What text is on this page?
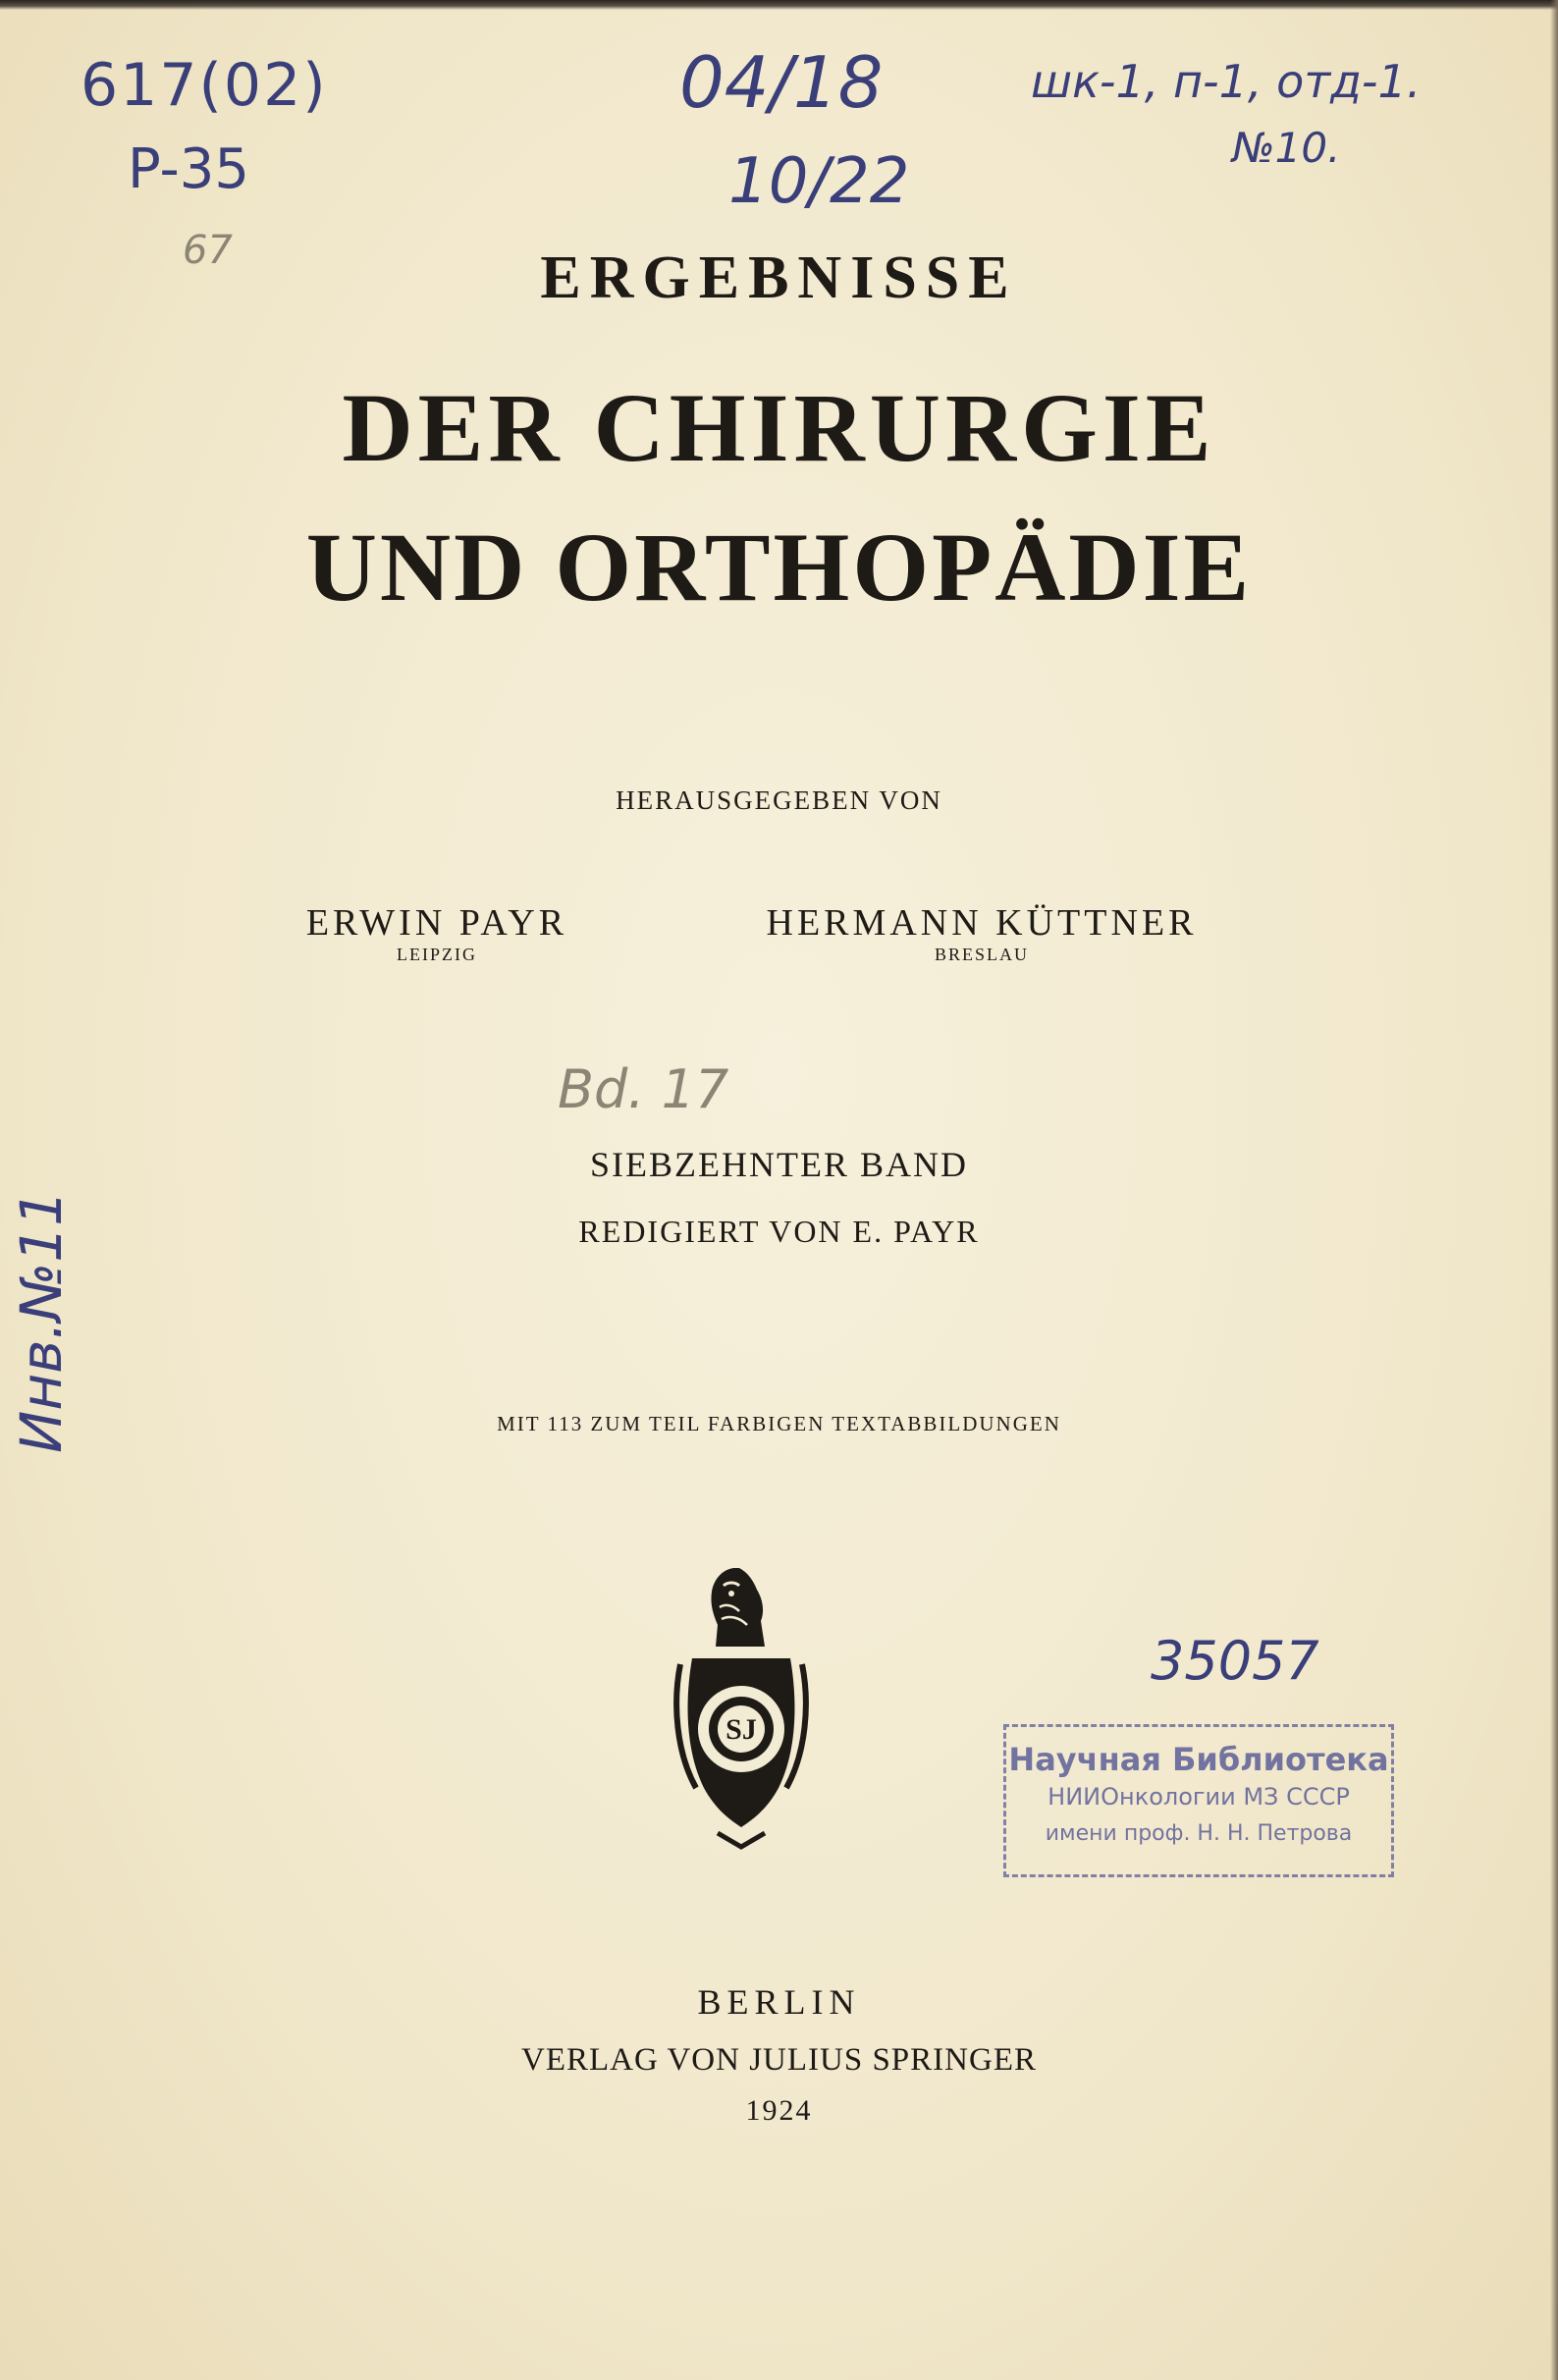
617(02)
P-35
67
04/18
10/22
шк-1, п-1, отд-1.
№10.
Bd. 17
35057
Инв.№11
ERGEBNISSE
DER CHIRURGIE
UND ORTHOPÄDIE
HERAUSGEGEBEN VON
ERWIN PAYR
LEIPZIG
HERMANN KÜTTNER
BRESLAU
SIEBZEHNTER BAND
REDIGIERT VON E. PAYR
MIT 113 ZUM TEIL FARBIGEN TEXTABBILDUNGEN
SJ
Научная Библиотека
НИИОнкологии МЗ СССР
имени проф. Н. Н. Петрова
BERLIN
VERLAG VON JULIUS SPRINGER
1924
